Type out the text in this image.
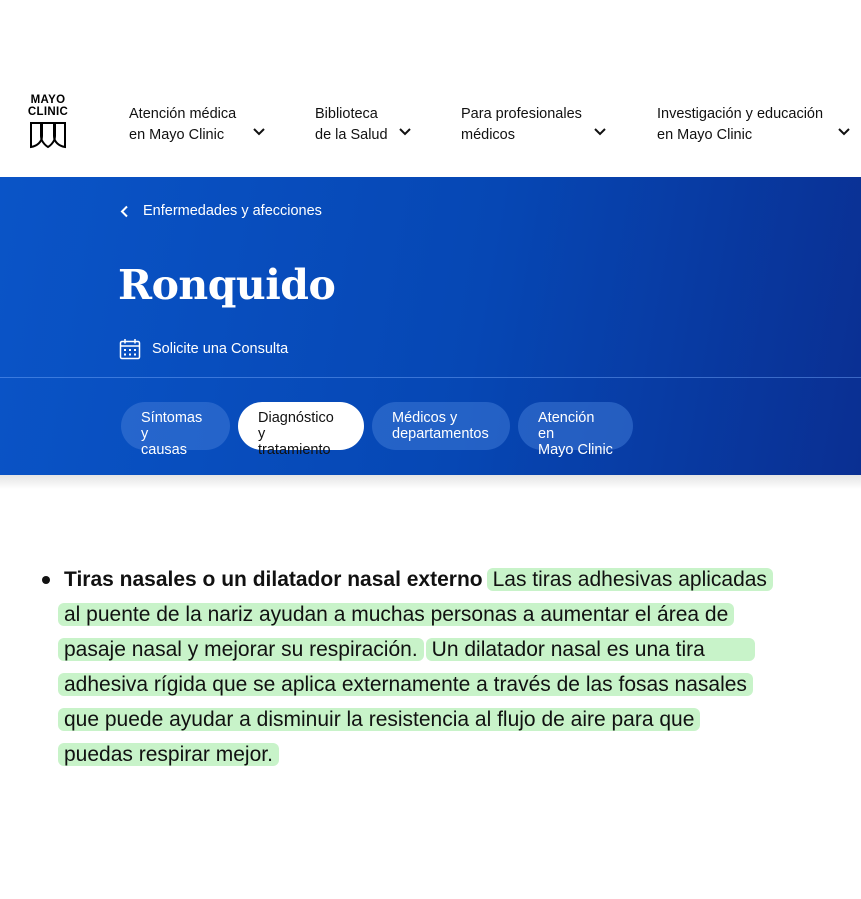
MAYO
CLINIC	Atención médica
en Mayo Clinic
Biblioteca
de la Salud
Para profesionales
médicos
Investigación y educación
en Mayo Clinic
Enfermedades y afecciones
Ronquido
Solicite una Consulta
Síntomas y
causas
Diagnóstico y
tratamiento
Médicos y
departamentos
Atención en
Mayo Clinic
Tiras nasales o un dilatador nasal externo Las tiras adhesivas aplicadas
al puente de la nariz ayudan a muchas personas a aumentar el área de
pasaje nasal y mejorar su respiración. Un dilatador nasal es una tira
adhesiva rígida que se aplica externamente a través de las fosas nasales
que puede ayudar a disminuir la resistencia al flujo de aire para que
puedas respirar mejor.
